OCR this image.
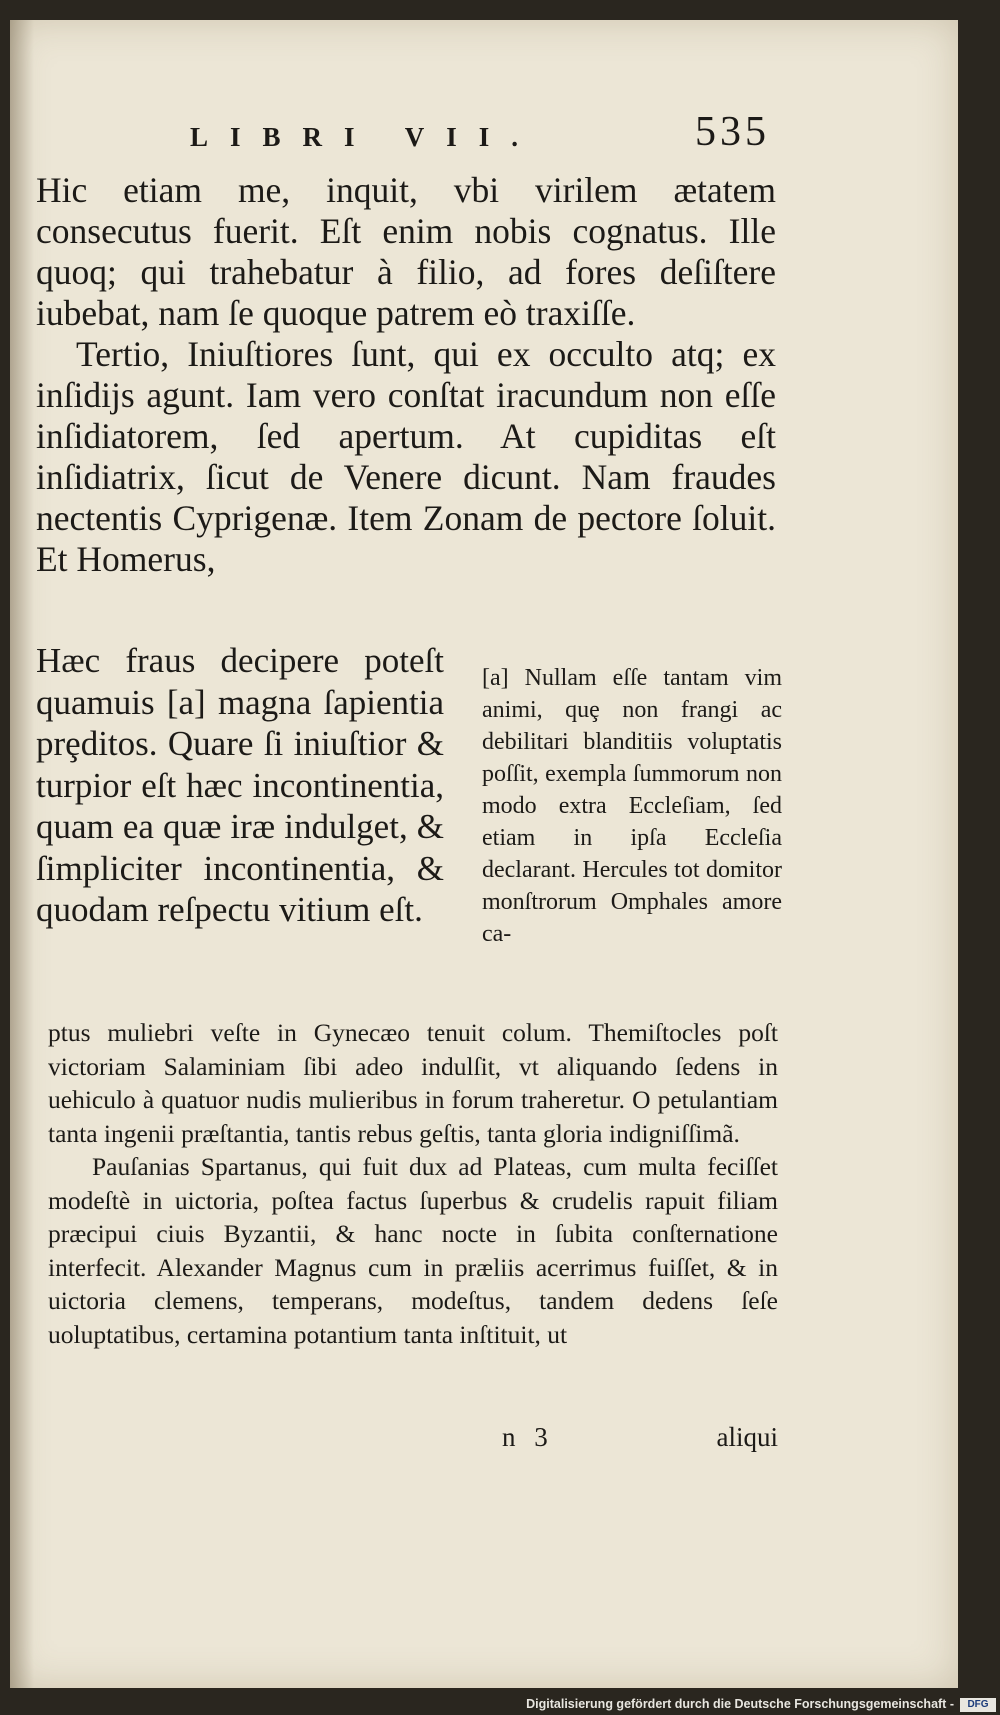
LIBRI VII.	535

Hic etiam me, inquit, vbi virilem ætatem consecutus fuerit. Eſt enim nobis cognatus. Ille quoq; qui trahebatur à filio, ad fores deſiſtere iubebat, nam ſe quoque patrem eò traxiſſe.

Tertio, Iniuſtiores ſunt, qui ex occulto atq; ex inſidijs agunt. Iam vero conſtat iracundum non eſſe inſidiatorem, ſed apertum. At cupiditas eſt inſidiatrix, ſicut de Venere dicunt. Nam fraudes nectentis Cyprigenæ. Item Zonam de pectore ſoluit. Et Homerus,

Hæc fraus decipere poteſt quamuis [a] magna ſapientia prȩditos. Quare ſi iniuſtior & turpior eſt hæc incontinentia, quam ea quæ iræ indulget, & ſimpliciter incontinentia, & quodam reſpectu vitium eſt.

[a] Nullam eſſe tantam vim animi, quȩ non frangi ac debilitari blanditiis voluptatis poſſit, exempla ſummorum non modo extra Eccleſiam, ſed etiam in ipſa Eccleſia declarant. Hercules tot domitor monſtrorum Omphales amore ca-

ptus muliebri veſte in Gynecæo tenuit colum. Themiſtocles poſt victoriam Salaminiam ſibi adeo indulſit, vt aliquando ſedens in uehiculo à quatuor nudis mulieribus in forum traheretur. O petulantiam tanta ingenii præſtantia, tantis rebus geſtis, tanta gloria indigniſſimã.

Pauſanias Spartanus, qui fuit dux ad Plateas, cum multa feciſſet modeſtè in uictoria, poſtea factus ſuperbus & crudelis rapuit filiam præcipui ciuis Byzantii, & hanc nocte in ſubita conſternatione interfecit. Alexander Magnus cum in præliis acerrimus fuiſſet, & in uictoria clemens, temperans, modeſtus, tandem dedens ſeſe uoluptatibus, certamina potantium tanta inſtituit, ut

n 3	aliqui
Digitalisierung gefördert durch die Deutsche Forschungsgemeinschaft -	DFG
